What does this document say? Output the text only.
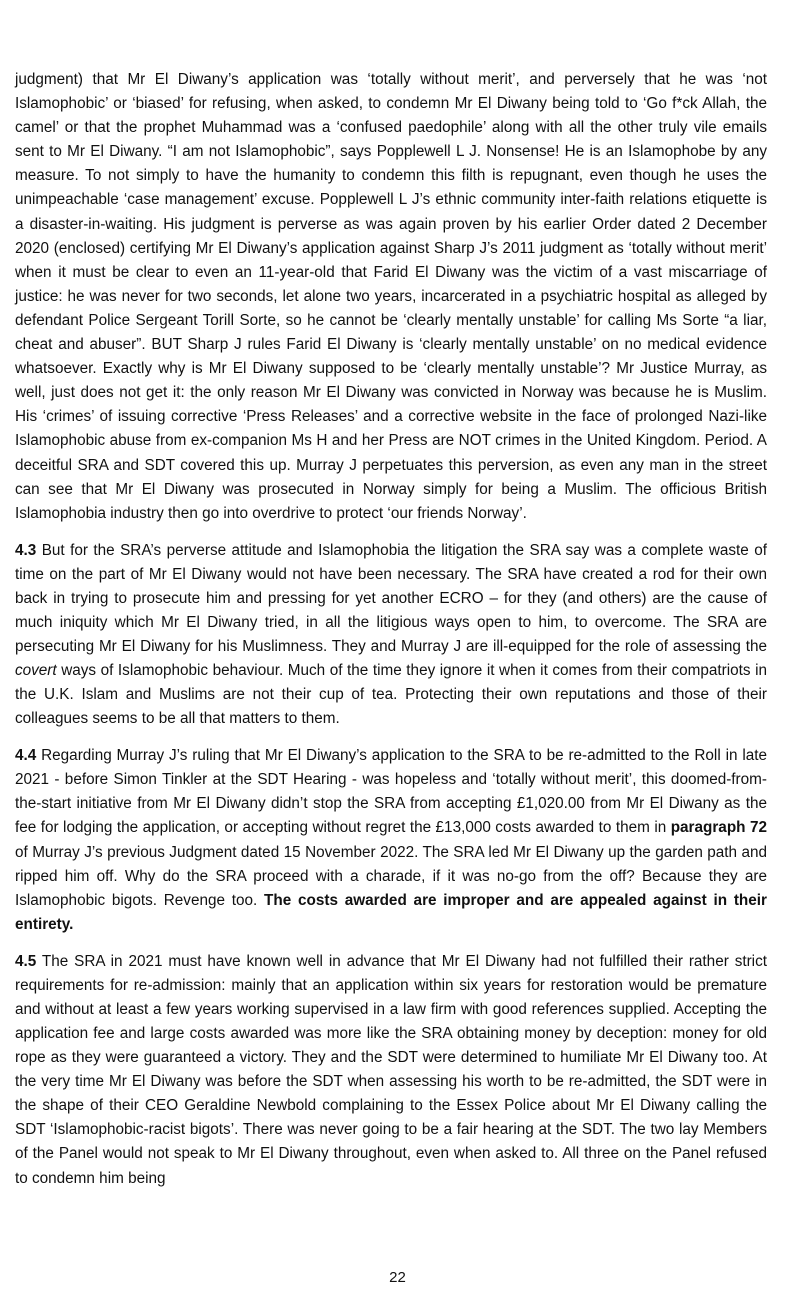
judgment) that Mr El Diwany’s application was ‘totally without merit’, and perversely that he was ‘not Islamophobic’ or ‘biased’ for refusing, when asked, to condemn Mr El Diwany being told to ‘Go f*ck Allah, the camel’ or that the prophet Muhammad was a ‘confused paedophile’ along with all the other truly vile emails sent to Mr El Diwany. “I am not Islamophobic”, says Popplewell L J. Nonsense! He is an Islamophobe by any measure. To not simply to have the humanity to condemn this filth is repugnant, even though he uses the unimpeachable ‘case management’ excuse. Popplewell L J’s ethnic community inter-faith relations etiquette is a disaster-in-waiting. His judgment is perverse as was again proven by his earlier Order dated 2 December 2020 (enclosed) certifying Mr El Diwany’s application against Sharp J’s 2011 judgment as ‘totally without merit’ when it must be clear to even an 11-year-old that Farid El Diwany was the victim of a vast miscarriage of justice: he was never for two seconds, let alone two years, incarcerated in a psychiatric hospital as alleged by defendant Police Sergeant Torill Sorte, so he cannot be ‘clearly mentally unstable’ for calling Ms Sorte “a liar, cheat and abuser”. BUT Sharp J rules Farid El Diwany is ‘clearly mentally unstable’ on no medical evidence whatsoever. Exactly why is Mr El Diwany supposed to be ‘clearly mentally unstable’? Mr Justice Murray, as well, just does not get it: the only reason Mr El Diwany was convicted in Norway was because he is Muslim. His ‘crimes’ of issuing corrective ‘Press Releases’ and a corrective website in the face of prolonged Nazi-like Islamophobic abuse from ex-companion Ms H and her Press are NOT crimes in the United Kingdom. Period. A deceitful SRA and SDT covered this up. Murray J perpetuates this perversion, as even any man in the street can see that Mr El Diwany was prosecuted in Norway simply for being a Muslim. The officious British Islamophobia industry then go into overdrive to protect ‘our friends Norway’.

4.3 But for the SRA’s perverse attitude and Islamophobia the litigation the SRA say was a complete waste of time on the part of Mr El Diwany would not have been necessary. The SRA have created a rod for their own back in trying to prosecute him and pressing for yet another ECRO – for they (and others) are the cause of much iniquity which Mr El Diwany tried, in all the litigious ways open to him, to overcome. The SRA are persecuting Mr El Diwany for his Muslimness. They and Murray J are ill-equipped for the role of assessing the covert ways of Islamophobic behaviour. Much of the time they ignore it when it comes from their compatriots in the U.K. Islam and Muslims are not their cup of tea. Protecting their own reputations and those of their colleagues seems to be all that matters to them.

4.4 Regarding Murray J’s ruling that Mr El Diwany’s application to the SRA to be re-admitted to the Roll in late 2021 - before Simon Tinkler at the SDT Hearing - was hopeless and ‘totally without merit’, this doomed-from-the-start initiative from Mr El Diwany didn’t stop the SRA from accepting £1,020.00 from Mr El Diwany as the fee for lodging the application, or accepting without regret the £13,000 costs awarded to them in paragraph 72 of Murray J’s previous Judgment dated 15 November 2022. The SRA led Mr El Diwany up the garden path and ripped him off. Why do the SRA proceed with a charade, if it was no-go from the off? Because they are Islamophobic bigots. Revenge too. The costs awarded are improper and are appealed against in their entirety.

4.5 The SRA in 2021 must have known well in advance that Mr El Diwany had not fulfilled their rather strict requirements for re-admission: mainly that an application within six years for restoration would be premature and without at least a few years working supervised in a law firm with good references supplied. Accepting the application fee and large costs awarded was more like the SRA obtaining money by deception: money for old rope as they were guaranteed a victory. They and the SDT were determined to humiliate Mr El Diwany too. At the very time Mr El Diwany was before the SDT when assessing his worth to be re-admitted, the SDT were in the shape of their CEO Geraldine Newbold complaining to the Essex Police about Mr El Diwany calling the SDT ‘Islamophobic-racist bigots’. There was never going to be a fair hearing at the SDT. The two lay Members of the Panel would not speak to Mr El Diwany throughout, even when asked to. All three on the Panel refused to condemn him being

22
